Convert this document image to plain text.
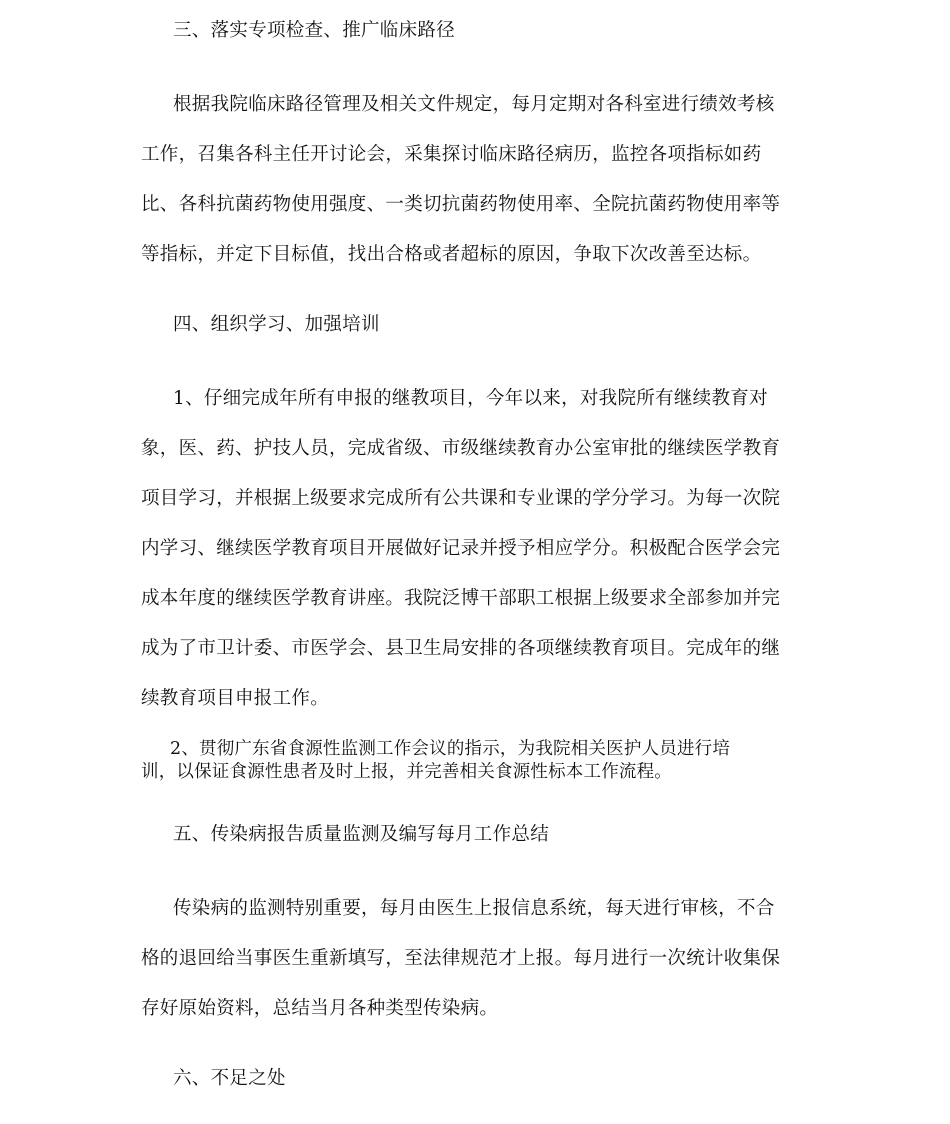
三、落实专项检查、推广临床路径
根据我院临床路径管理及相关文件规定，每月定期对各科室进行绩效考核
工作，召集各科主任开讨论会，采集探讨临床路径病历，监控各项指标如药
比、各科抗菌药物使用强度、一类切抗菌药物使用率、全院抗菌药物使用率等
等指标，并定下目标值，找出合格或者超标的原因，争取下次改善至达标。
四、组织学习、加强培训
1、仔细完成年所有申报的继教项目，今年以来，对我院所有继续教育对
象，医、药、护技人员，完成省级、市级继续教育办公室审批的继续医学教育
项目学习，并根据上级要求完成所有公共课和专业课的学分学习。为每一次院
内学习、继续医学教育项目开展做好记录并授予相应学分。积极配合医学会完
成本年度的继续医学教育讲座。我院泛博干部职工根据上级要求全部参加并完
成为了市卫计委、市医学会、县卫生局安排的各项继续教育项目。完成年的继
续教育项目申报工作。
2、贯彻广东省食源性监测工作会议的指示，为我院相关医护人员进行培
训，以保证食源性患者及时上报，并完善相关食源性标本工作流程。
五、传染病报告质量监测及编写每月工作总结
传染病的监测特别重要，每月由医生上报信息系统，每天进行审核，不合
格的退回给当事医生重新填写，至法律规范才上报。每月进行一次统计收集保
存好原始资料，总结当月各种类型传染病。
六、不足之处
